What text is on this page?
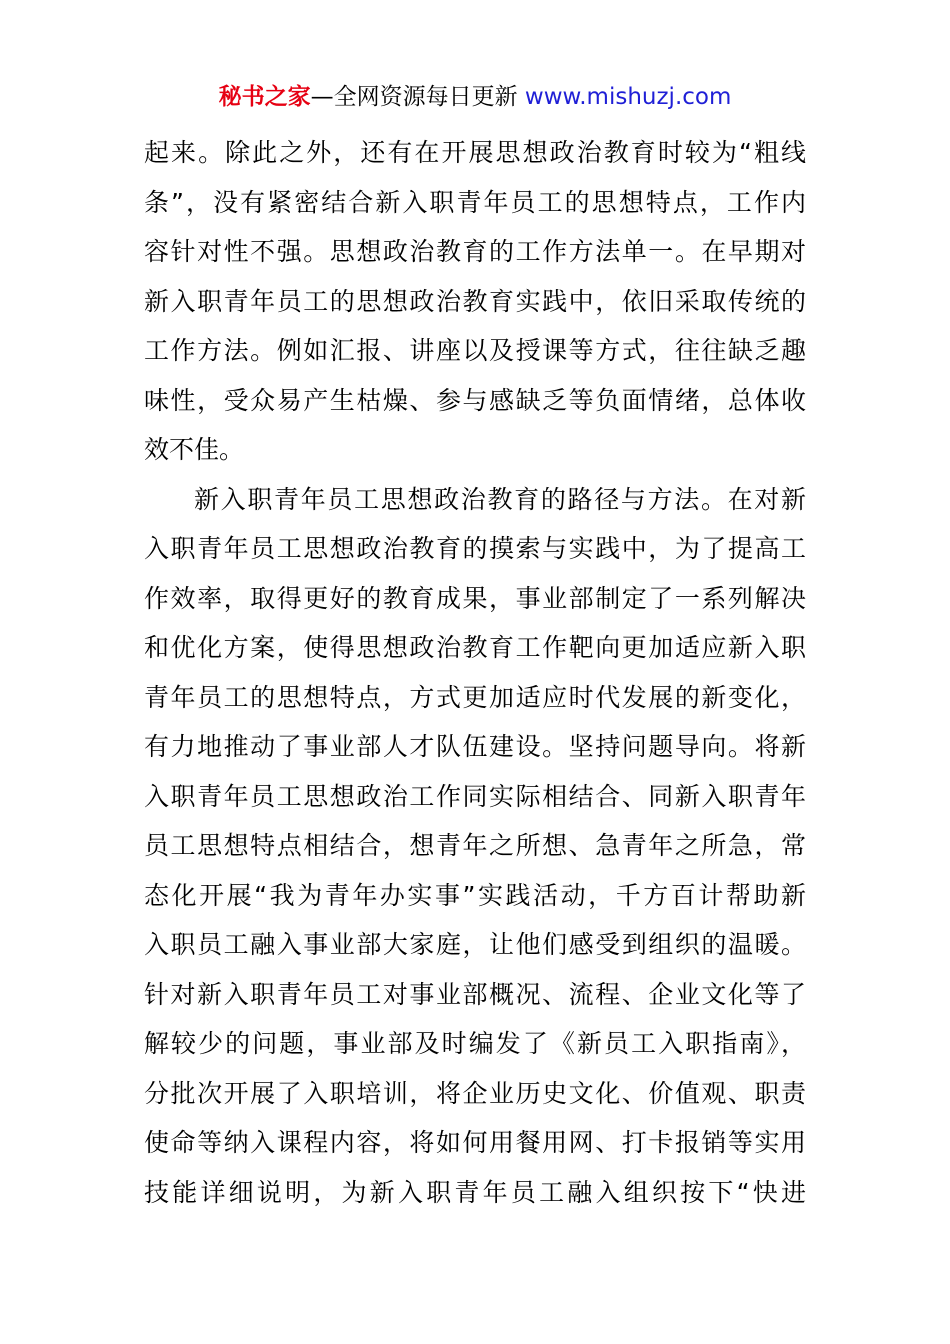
秘书之家—全网资源每日更新 www.mishuzj.com
起来。除此之外，还有在开展思想政治教育时较为“粗线
条”，没有紧密结合新入职青年员工的思想特点，工作内
容针对性不强。思想政治教育的工作方法单一。在早期对
新入职青年员工的思想政治教育实践中，依旧采取传统的
工作方法。例如汇报、讲座以及授课等方式，往往缺乏趣
味性，受众易产生枯燥、参与感缺乏等负面情绪，总体收
效不佳。
新入职青年员工思想政治教育的路径与方法。在对新
入职青年员工思想政治教育的摸索与实践中，为了提高工
作效率，取得更好的教育成果，事业部制定了一系列解决
和优化方案，使得思想政治教育工作靶向更加适应新入职
青年员工的思想特点，方式更加适应时代发展的新变化，
有力地推动了事业部人才队伍建设。坚持问题导向。将新
入职青年员工思想政治工作同实际相结合、同新入职青年
员工思想特点相结合，想青年之所想、急青年之所急，常
态化开展“我为青年办实事”实践活动，千方百计帮助新
入职员工融入事业部大家庭，让他们感受到组织的温暖。
针对新入职青年员工对事业部概况、流程、企业文化等了
解较少的问题，事业部及时编发了《新员工入职指南》，
分批次开展了入职培训，将企业历史文化、价值观、职责
使命等纳入课程内容，将如何用餐用网、打卡报销等实用
技能详细说明，为新入职青年员工融入组织按下“快进
